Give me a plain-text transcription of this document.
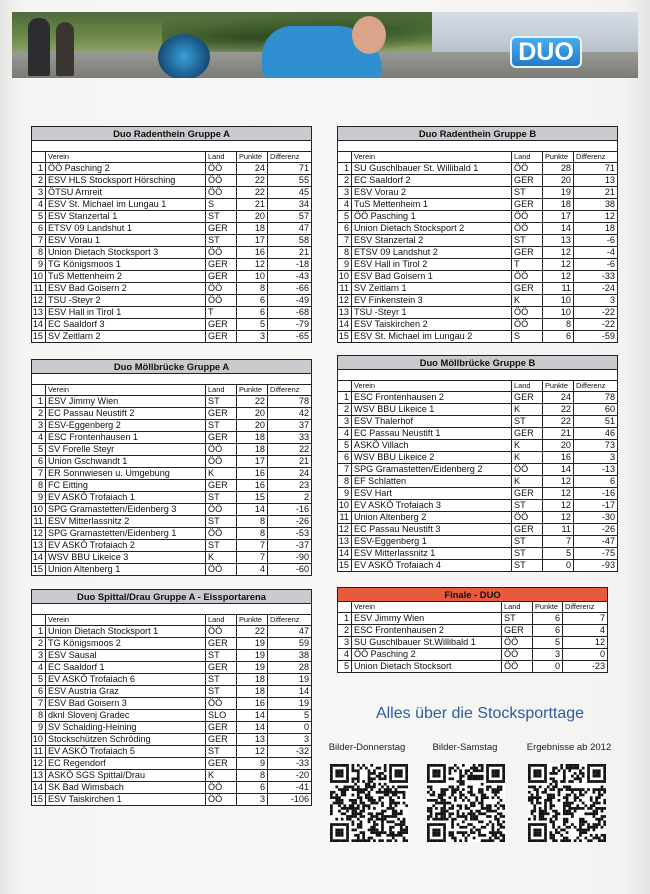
DUO
Duo Radenthein Gruppe A				

	Verein	Land	Punkte	Differenz
1	ÖÖ Pasching 2	ÖÖ	24	71
2	ESV HLS Stocksport Hörsching	ÖÖ	22	55
3	ÖTSU Arnreit	ÖÖ	22	45
4	ESV St. Michael im Lungau 1	S	21	34
5	ESV Stanzertal 1	ST	20	57
6	ETSV 09 Landshut 1	GER	18	47
7	ESV Vorau 1	ST	17	58
8	Union Dietach Stocksport 3	ÖÖ	16	21
9	TG Königsmoos 1	GER	12	-18
10	TuS Mettenheim 2	GER	10	-43
11	ESV Bad Goisern 2	ÖÖ	8	-66
12	TSU -Steyr 2	ÖÖ	6	-49
13	ESV Hall in Tirol 1	T	6	-68
14	EC Saaldorf 3	GER	5	-79
15	SV Zeitlarn 2	GER	3	-65
Duo Radenthein Gruppe B				

	Verein	Land	Punkte	Differenz
1	SU Guschlbauer St. Willibald 1	ÖÖ	28	71
2	EC Saaldorf 2	GER	20	13
3	ESV Vorau 2	ST	19	21
4	TuS Mettenheim 1	GER	18	38
5	ÖÖ Pasching 1	ÖÖ	17	12
6	Union Dietach Stocksport 2	ÖÖ	14	18
7	ESV Stanzertal 2	ST	13	-6
8	ETSV 09 Landshut 2	GER	12	-4
9	ESV Hall in Tirol 2	T	12	-6
10	ESV Bad Goisern 1	ÖÖ	12	-33
11	SV Zeitlarn 1	GER	11	-24
12	EV Finkenstein 3	K	10	3
13	TSU -Steyr 1	ÖÖ	10	-22
14	ESV Taiskirchen 2	ÖÖ	8	-22
15	ESV St. Michael im Lungau 2	S	6	-59
Duo Möllbrücke Gruppe A				

	Verein	Land	Punkte	Differenz
1	ESV Jimmy Wien	ST	22	78
2	EC Passau Neustift 2	GER	20	42
3	ESV-Eggenberg 2	ST	20	37
4	ESC Frontenhausen 1	GER	18	33
5	SV Forelle Steyr	ÖÖ	18	22
6	Union Gschwandt 1	ÖÖ	17	21
7	ER Sonnwiesen u. Umgebung	K	16	24
8	FC Eitting	GER	16	23
9	EV ASKÖ Trofaiach 1	ST	15	2
10	SPG Gramastetten/Eidenberg 3	ÖÖ	14	-16
11	ESV Mitterlassnitz 2	ST	8	-26
12	SPG Gramastetten/Eidenberg 1	ÖÖ	8	-53
13	EV ASKÖ Trofaiach 2	ST	7	-37
14	WSV BBU Likeice 3	K	7	-90
15	Union Altenberg 1	ÖÖ	4	-60
Duo Möllbrücke Gruppe B				

	Verein	Land	Punkte	Differenz
1	ESC Frontenhausen 2	GER	24	78
2	WSV BBU Likeice 1	K	22	60
3	ESV Thalerhof	ST	22	51
4	EC Passau Neustift 1	GER	21	46
5	ASKÖ Villach	K	20	73
6	WSV BBU Likeice 2	K	16	3
7	SPG Gramastetten/Eidenberg 2	ÖÖ	14	-13
8	EF Schlatten	K	12	6
9	ESV Hart	GER	12	-16
10	EV ASKÖ Trofaiach 3	ST	12	-17
11	Union Altenberg 2	ÖÖ	12	-30
12	EC Passau Neustift 3	GER	11	-26
13	ESV-Eggenberg 1	ST	7	-47
14	ESV Mitterlassnitz 1	ST	5	-75
15	EV ASKÖ Trofaiach 4	ST	0	-93
Duo Spittal/Drau Gruppe A - Eissportarena				

	Verein	Land	Punkte	Differenz
1	Union Dietach Stocksport 1	ÖÖ	22	47
2	TG Königsmoos 2	GER	19	59
3	ESV Sausal	ST	19	38
4	EC Saaldorf 1	GER	19	28
5	EV ASKÖ Trofaiach 6	ST	18	19
6	ESV Austria Graz	ST	18	14
7	ESV Bad Goisern 3	ÖÖ	16	19
8	dknl Slovenj Gradec	SLO	14	5
9	SV Schalding-Heining	GER	14	0
10	Stockschützen Schröding	GER	13	3
11	EV ASKÖ Trofaiach 5	ST	12	-32
12	EC Regendorf	GER	9	-33
13	ASKÖ SGS Spittal/Drau	K	8	-20
14	SK Bad Wimsbach	ÖÖ	6	-41
15	ESV Taiskirchen 1	ÖÖ	3	-106
Finale - DUO				
	Verein	Land	Punkte	Differenz
1	ESV Jimmy Wien	ST	6	7
2	ESC Frontenhausen 2	GER	6	4
3	SU Guschlbauer St.Willibald 1	ÖÖ	5	12
4	ÖÖ Pasching 2	ÖÖ	3	0
5	Union Dietach Stocksort	ÖÖ	0	-23
Alles über die Stocksporttage
Bilder-Donnerstag	Bilder-Samstag	Ergebnisse ab 2012
